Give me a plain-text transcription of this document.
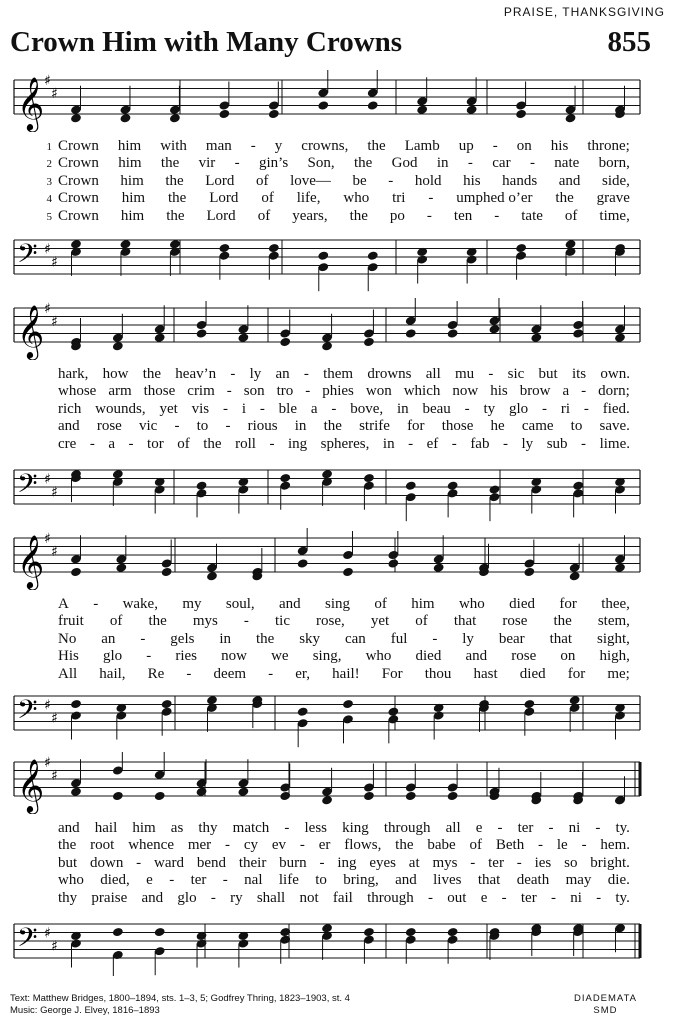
PRAISE, THANKSGIVING
Crown Him with Many Crowns	855
𝄞 ♯
♯
1 Crown him with man - y crowns, the Lamb up - on his throne;
2 Crown him the vir - gin’s Son, the God in - car - nate born,
3 Crown him the Lord of love— be - hold his hands and side,
4 Crown him the Lord of life, who tri - umphed o’er the grave
5 Crown him the Lord of years, the po - ten - tate of time,
𝄢 ♯
♯
𝄞 ♯
♯
hark, how the heav’n - ly an - them drowns all mu - sic but its own.
whose arm those crim - son tro - phies won which now his brow a - dorn;
rich wounds, yet vis - i - ble a - bove, in beau - ty glo - ri - fied.
and rose vic - to - rious in the strife for those he came to save.
cre - a - tor of the roll - ing spheres, in - ef - fab - ly sub - lime.
𝄢 ♯
♯
𝄞 ♯
♯
A - wake, my soul, and sing of him who died for thee,
fruit of the mys - tic rose, yet of that rose the stem,
No an - gels in the sky can ful - ly bear that sight,
His glo - ries now we sing, who died and rose on high,
All hail, Re - deem - er, hail! For thou hast died for me;
𝄢 ♯
♯
𝄞 ♯
♯
and hail him as thy match - less king through all e - ter - ni - ty.
the root whence mer - cy ev - er flows, the babe of Beth - le - hem.
but down - ward bend their burn - ing eyes at mys - ter - ies so bright.
who died, e - ter - nal life to bring, and lives that death may die.
thy praise and glo - ry shall not fail through - out e - ter - ni - ty.
𝄢 ♯
♯
Text: Matthew Bridges, 1800–1894, sts. 1–3, 5; Godfrey Thring, 1823–1903, st. 4
Music: George J. Elvey, 1816–1893
DIADEMATA
SMD
